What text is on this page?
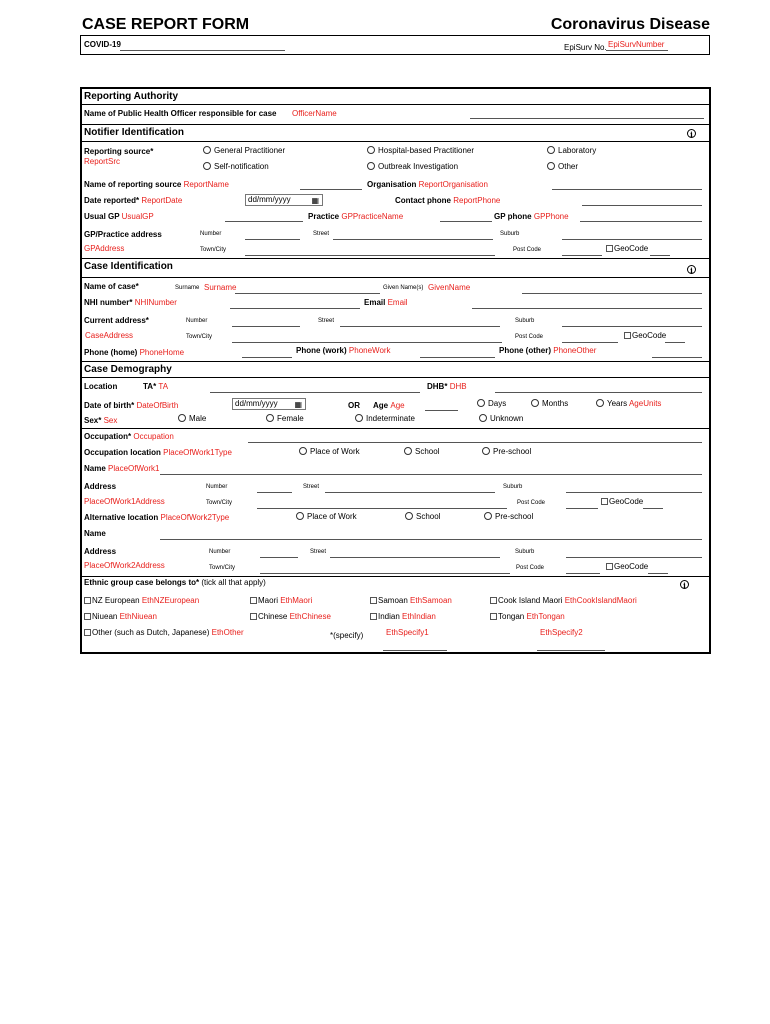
CASE REPORT FORM	Coronavirus Disease
COVID-19	EpiSurv No. EpiSurvNumber
Reporting Authority
Name of Public Health Officer responsible for case OfficerName
Notifier Identification	i
Reporting source*
ReportSrc
General Practitioner	Hospital-based Practitioner	Laboratory
Self-notification	Outbreak Investigation	Other
Name of reporting source ReportName	Organisation ReportOrganisation
Date reported* ReportDate	dd/mm/yyyy	▦	Contact phone ReportPhone
Usual GP UsualGP	Practice GPPracticeName	GP phone GPPhone
GP/Practice address	Number	Street	Suburb
GPAddress	Town/City	Post Code	GeoCode
Case Identification	i
Name of case*	Surname Surname	Given Name(s) GivenName
NHI number* NHINumber	Email Email
Current address*	Number	Street	Suburb
CaseAddress	Town/City	Post Code	GeoCode
Phone (home) PhoneHome	Phone (work) PhoneWork	Phone (other) PhoneOther
Case Demography
Location	TA* TA	DHB* DHB
Date of birth* DateOfBirth	dd/mm/yyyy ▦	OR Age Age	Days	Months	Years AgeUnits
Sex* Sex	Male	Female	Indeterminate	Unknown
Occupation* Occupation
Occupation location PlaceOfWork1Type	Place of Work	School	Pre-school
Name PlaceOfWork1
Address	Number	Street	Suburb
PlaceOfWork1Address	Town/City	Post Code	GeoCode
Alternative location PlaceOfWork2Type	Place of Work	School	Pre-school
Name
Address	Number	Street	Suburb
PlaceOfWork2Address	Town/City	Post Code	GeoCode
Ethnic group case belongs to* (tick all that apply)	i
NZ European EthNZEuropean	Maori EthMaori	Samoan EthSamoan	Cook Island Maori EthCookIslandMaori
Niuean EthNiuean	Chinese EthChinese	Indian EthIndian	Tongan EthTongan
Other (such as Dutch, Japanese) EthOther	*(specify)	EthSpecify1	EthSpecify2
